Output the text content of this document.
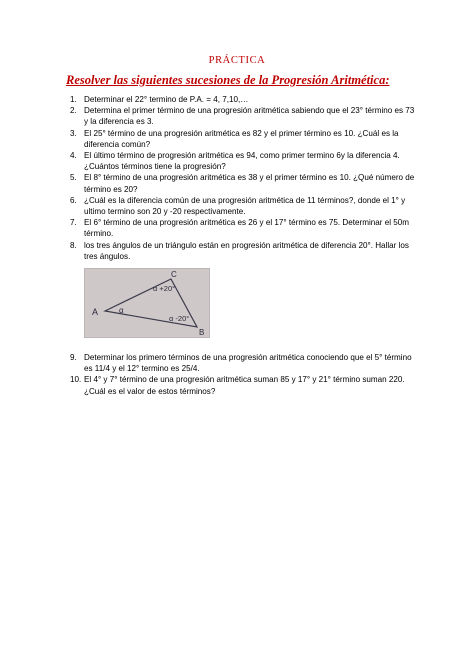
PRÁCTICA
Resolver las siguientes sucesiones de la Progresión Aritmética:
1. Determinar el 22° termino de P.A. = 4, 7,10,…
2. Determina el primer término de una progresión aritmética sabiendo que el 23° término es 73 y la diferencia es 3.
3. El 25° término de una progresión aritmética es 82 y el primer término es 10. ¿Cuál es la diferencia común?
4. El último término de progresión aritmética es 94, como primer termino 6y la diferencia 4. ¿Cuántos términos tiene la progresión?
5. El 8° término de una progresión aritmética es 38 y el primer término es 10. ¿Qué número de término es 20?
6. ¿Cuál es la diferencia común de una progresión aritmética de 11 términos?, donde el 1° y ultimo termino son 20 y -20 respectivamente.
7. El 6° término de una progresión aritmética es 26 y el 17° término es 75. Determinar el 50m término.
8. los tres ángulos de un triángulo están en progresión aritmética de diferencia 20°. Hallar los tres ángulos.
A
B
C
α
α +20°
α -20°
9. Determinar los primero términos de una progresión aritmética conociendo que el 5° término es 11/4 y el 12° termino es 25/4.
10. El 4° y 7° término de una progresión aritmética suman 85 y 17° y 21° término suman 220. ¿Cuál es el valor de estos términos?
